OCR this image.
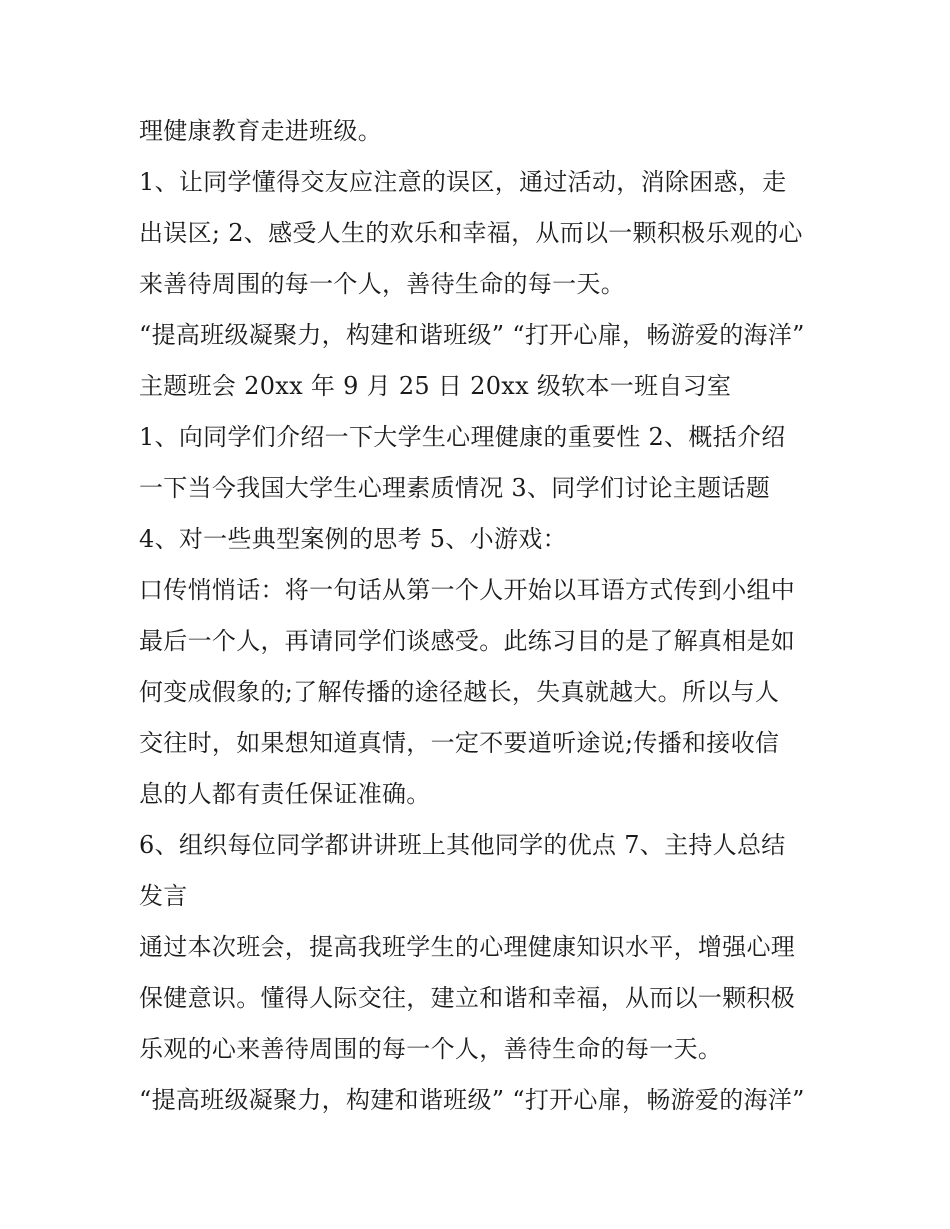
理健康教育走进班级。
1、让同学懂得交友应注意的误区，通过活动，消除困惑，走
出误区; 2、感受人生的欢乐和幸福，从而以一颗积极乐观的心
来善待周围的每一个人，善待生命的每一天。
“提高班级凝聚力，构建和谐班级” “打开心扉，畅游爱的海洋”
主题班会 20xx 年 9 月 25 日 20xx 级软本一班自习室
1、向同学们介绍一下大学生心理健康的重要性 2、概括介绍
一下当今我国大学生心理素质情况 3、同学们讨论主题话题
4、对一些典型案例的思考 5、小游戏：
口传悄悄话：将一句话从第一个人开始以耳语方式传到小组中
最后一个人，再请同学们谈感受。此练习目的是了解真相是如
何变成假象的;了解传播的途径越长，失真就越大。所以与人
交往时，如果想知道真情，一定不要道听途说;传播和接收信
息的人都有责任保证准确。
6、组织每位同学都讲讲班上其他同学的优点 7、主持人总结
发言
通过本次班会，提高我班学生的心理健康知识水平，增强心理
保健意识。懂得人际交往，建立和谐和幸福，从而以一颗积极
乐观的心来善待周围的每一个人，善待生命的每一天。
“提高班级凝聚力，构建和谐班级” “打开心扉，畅游爱的海洋”
